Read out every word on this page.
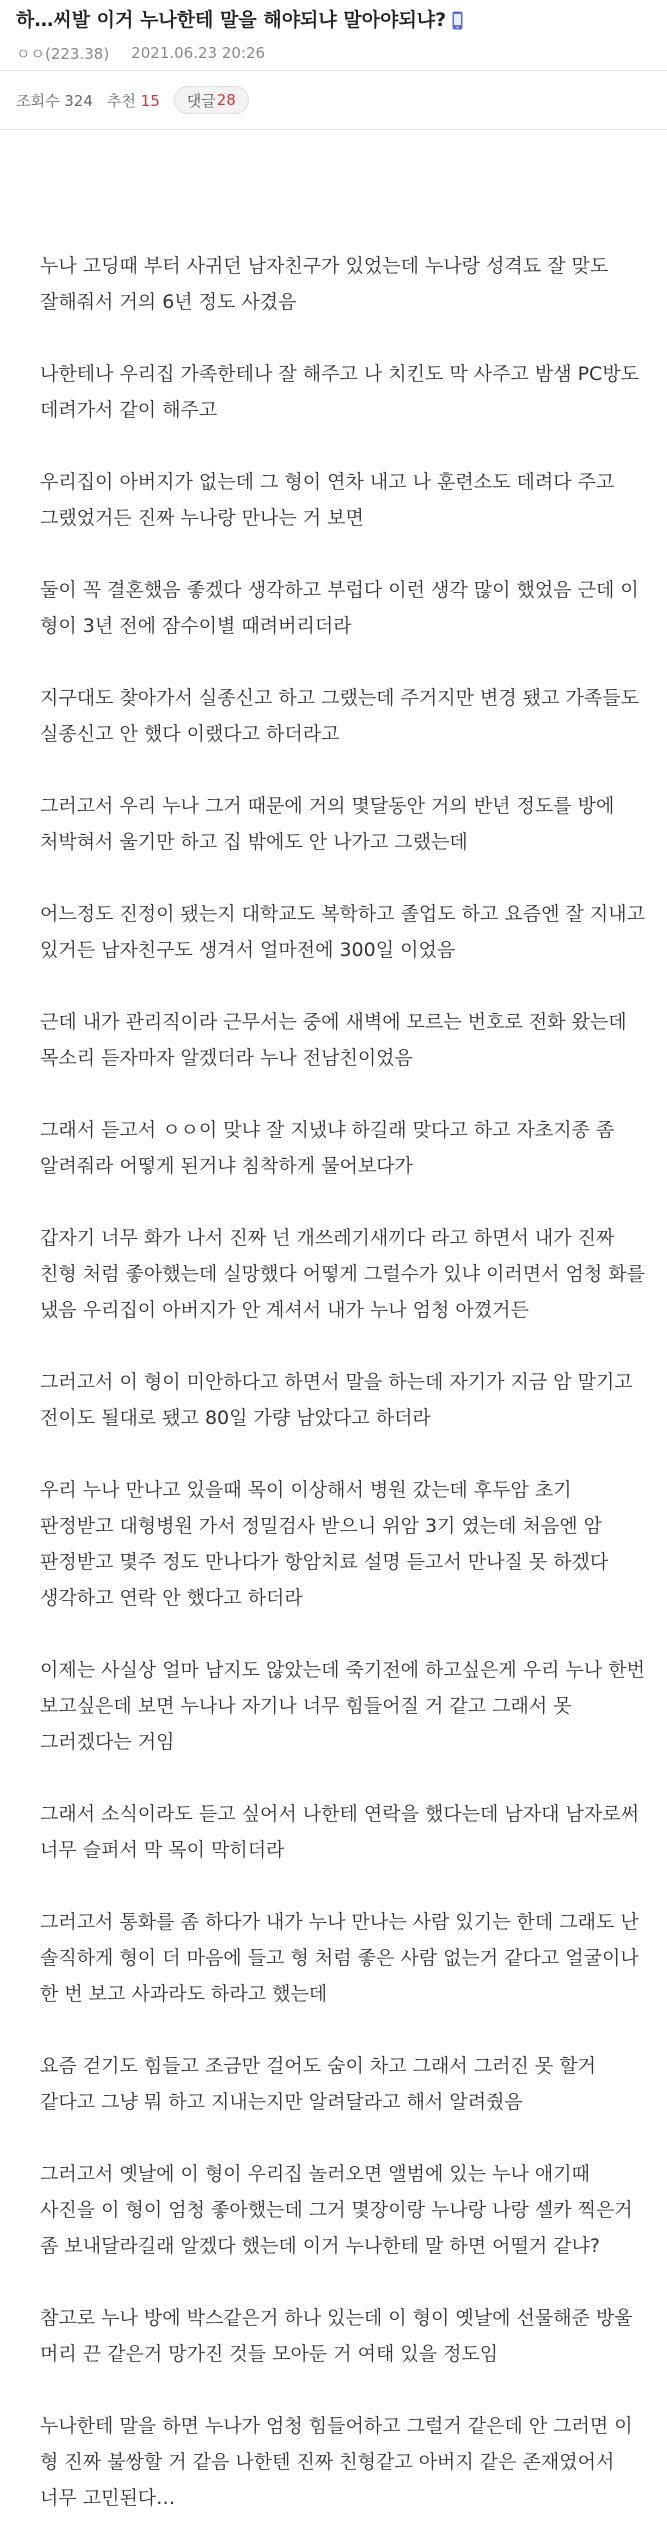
하…씨발 이거 누나한테 말을 해야되냐 말아야되냐?
ㅇㅇ(223.38) 2021.06.23 20:26
조회수 324 추천 15 댓글 28

누나 고딩때 부터 사귀던 남자친구가 있었는데 누나랑 성격됴 잘 맞도 잘해줘서 거의 6년 정도 사겼음

나한테나 우리집 가족한테나 잘 해주고 나 치킨도 막 사주고 밤샘 PC방도 데려가서 같이 해주고

우리집이 아버지가 없는데 그 형이 연차 내고 나 훈련소도 데려다 주고 그랬었거든 진짜 누나랑 만나는 거 보면

둘이 꼭 결혼했음 좋겠다 생각하고 부럽다 이런 생각 많이 했었음 근데 이 형이 3년 전에 잠수이별 때려버리더라

지구대도 찾아가서 실종신고 하고 그랬는데 주거지만 변경 됐고 가족들도 실종신고 안 했다 이랬다고 하더라고

그러고서 우리 누나 그거 때문에 거의 몇달동안 거의 반년 정도를 방에 처박혀서 울기만 하고 집 밖에도 안 나가고 그랬는데

어느정도 진정이 됐는지 대학교도 복학하고 졸업도 하고 요즘엔 잘 지내고 있거든 남자친구도 생겨서 얼마전에 300일 이었음

근데 내가 관리직이라 근무서는 중에 새벽에 모르는 번호로 전화 왔는데 목소리 듣자마자 알겠더라 누나 전남친이었음

그래서 듣고서 ㅇㅇ이 맞냐 잘 지냈냐 하길래 맞다고 하고 자초지종 좀 알려줘라 어떻게 된거냐 침착하게 물어보다가

갑자기 너무 화가 나서 진짜 넌 개쓰레기새끼다 라고 하면서 내가 진짜 친형 처럼 좋아했는데 실망했다 어떻게 그럴수가 있냐 이러면서 엄청 화를 냈음 우리집이 아버지가 안 계셔서 내가 누나 엄청 아꼈거든

그러고서 이 형이 미안하다고 하면서 말을 하는데 자기가 지금 암 말기고 전이도 될대로 됐고 80일 가량 남았다고 하더라

우리 누나 만나고 있을때 목이 이상해서 병원 갔는데 후두암 초기 판정받고 대형병원 가서 정밀검사 받으니 위암 3기 였는데 처음엔 암 판정받고 몇주 정도 만나다가 항암치료 설명 듣고서 만나질 못 하겠다 생각하고 연락 안 했다고 하더라

이제는 사실상 얼마 남지도 않았는데 죽기전에 하고싶은게 우리 누나 한번 보고싶은데 보면 누나나 자기나 너무 힘들어질 거 같고 그래서 못 그러겠다는 거임

그래서 소식이라도 듣고 싶어서 나한테 연락을 했다는데 남자대 남자로써 너무 슬퍼서 막 목이 막히더라

그러고서 통화를 좀 하다가 내가 누나 만나는 사람 있기는 한데 그래도 난 솔직하게 형이 더 마음에 들고 형 처럼 좋은 사람 없는거 같다고 얼굴이나 한 번 보고 사과라도 하라고 했는데

요즘 걷기도 힘들고 조금만 걸어도 숨이 차고 그래서 그러진 못 할거 같다고 그냥 뭐 하고 지내는지만 알려달라고 해서 알려줬음

그러고서 옛날에 이 형이 우리집 놀러오면 앨범에 있는 누나 애기때 사진을 이 형이 엄청 좋아했는데 그거 몇장이랑 누나랑 나랑 셀카 찍은거 좀 보내달라길래 알겠다 했는데 이거 누나한테 말 하면 어떨거 같냐?

참고로 누나 방에 박스같은거 하나 있는데 이 형이 옛날에 선물해준 방울 머리 끈 같은거 망가진 것들 모아둔 거 여태 있을 정도임

누나한테 말을 하면 누나가 엄청 힘들어하고 그럴거 같은데 안 그러면 이 형 진짜 불쌍할 거 같음 나한텐 진짜 친형같고 아버지 같은 존재였어서 너무 고민된다…
